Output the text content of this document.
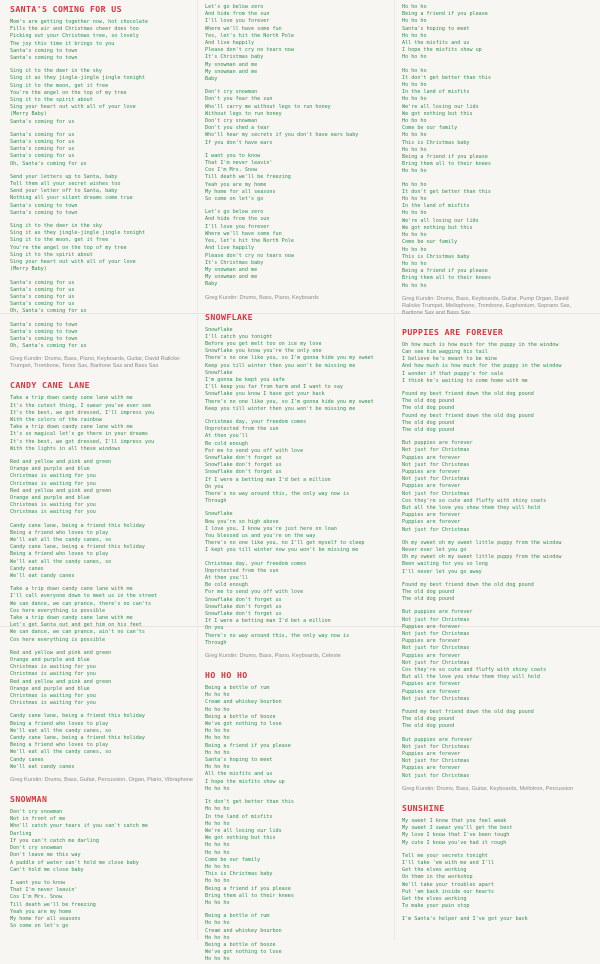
SANTA'S COMING FOR US
Mom's are getting together now, hot chocolate
Fills the air and Christmas cheer does too
Picking out your Christmas tree, so lovely
The joy this time it brings to you
Santa's coming to town
Santa's coming to town
Sing it to the deer in the sky
Sing it as they jingle-jingle jingle tonight
Sing it to the moon, get it free
You're the angel on the top of my tree
Sing it to the spirit about
Sing your heart out with all of your love
(Merry Baby)
Santa's coming for us
Santa's coming for us
Santa's coming for us
Santa's coming for us
Santa's coming for us
Oh, Santa's coming for us
Send your letters up to Santa, baby
Tell them all your secret wishes too
Send your letter off to Santa, baby
Nothing all your silent dreams come true
Santa's coming to town
Santa's coming to town
Sing it to the deer in the sky
Sing it as they jingle-jingle jingle tonight
Sing it to the moon, get it free
You're the angel on the top of my tree
Sing it to the spirit about
Sing your heart out with all of your love
(Merry Baby)
Santa's coming for us
Santa's coming for us
Santa's coming for us
Santa's coming for us
Oh, Santa's coming for us
Santa's coming to town
Santa's coming to town
Santa's coming to town
Oh, Santa's coming for us
Greg Kurstin: Drums, Bass, Piano, Keyboards, Guitar, David Ralicke: Trumpet, Trombone, Tenor Sax, Baritone Sax and Bass Sax
CANDY CANE LANE
Take a trip down candy cane lane with me
It's the cutest thing, I swear you've ever see
It's the best, we got dressed, I'll impress you
With the colors of the rainbow
Take a trip down candy cane lane with me
It's so magical let's go there in your dreams
It's the best, we got dressed, I'll impress you
With the lights in all these windows
Red and yellow and pink and green
Orange and purple and blue
Christmas is waiting for you
Christmas is waiting for you
Red and yellow and pink and green
Orange and purple and blue
Christmas is waiting for you
Christmas is waiting for you
Candy cane lane, being a friend this holiday
Being a friend who loves to play
We'll eat all the candy canes, so
Candy cane lane, being a friend this holiday
Being a friend who loves to play
We'll eat all the candy canes, so
Candy canes
We'll eat candy canes
Take a trip down candy cane lane with me
I'll call everyone down to meet us in the street
We can dance, we can prance, there's no can'ts
Cos here everything is possible
Take a trip down candy cane lane with me
Let's get Santa out and get him on his feet
We can dance, we can prance, ain't no can'ts
Cos here everything is possible
Red and yellow and pink and green
Orange and purple and blue
Christmas is waiting for you
Christmas is waiting for you
Red and yellow and pink and green
Orange and purple and blue
Christmas is waiting for you
Christmas is waiting for you
Candy cane lane, being a friend this holiday
Being a friend who loves to play
We'll eat all the candy canes, so
Candy cane lane, being a friend this holiday
Being a friend who loves to play
We'll eat all the candy canes, so
Candy canes
We'll eat candy canes
Greg Kurstin: Drums, Bass, Guitar, Percussion, Organ, Piano, Vibraphone
SNOWMAN
Don't cry snowman
Not in front of me
Who'll catch your tears if you can't catch me
Darling
If you can't catch me darling
Don't cry snowman
Don't leave me this way
A puddle of water can't hold me close baby
Can't hold me close baby
I want you to know
That I'm never leavin'
Cos I'm Mrs. Snow
Till death we'll be freezing
Yeah you are my home
My home for all seasons
So come on let's go
Let's go below zero
And hide from the sun
I'll love you forever
Where we'll have some fun
Yes, let's hit the North Pole
And live happily
Please don't cry no tears now
It's Christmas baby
My snowman and me
My snowman and me
Baby
Don't cry snowman
Don't you fear the sun
Who'll carry me without legs to run honey
Without legs to run honey
Don't cry snowman
Don't you shed a tear
Who'll hear my secrets if you don't have ears baby
If you don't have ears
I want you to know
That I'm never leavin'
Cos I'm Mrs. Snow
Till death we'll be freezing
Yeah you are my home
My home for all seasons
So come on let's go
Let's go below zero
And hide from the sun
I'll love you forever
Where we'll have some fun
Yes, let's hit the North Pole
And live happily
Please don't cry no tears now
It's Christmas baby
My snowman and me
My snowman and me
Baby
Greg Kurstin: Drums, Bass, Piano, Keyboards
SNOWFLAKE
Snowflake
I'll catch you tonight
Before you get melt too on ice my love
Snowflake you know you're the only one
There's no one like you, so I'm gonna hide you my sweet
Keep you till winter then you won't be missing me
Snowflake
I'm gonna be kept you safe
I'll keep you far from harm and I want to say
Snowflake you know I have got your back
There's no one like you, so I'm gonna hide you my sweet
Keep you till winter then you won't be missing me
Christmas day, your freedom comes
Unprotected from the sun
At then you'll
Be cold enough
For me to send you off with love
Snowflake don't forget us
Snowflake don't forget us
Snowflake don't forget us
If I were a betting man I'd bet a million
On you
There's no way around this, the only way now is
Through
Snowflake
Now you're so high above
I love you, I know you're just here on loan
You blessed us and you're on the way
There's no one like you, no I'll get myself to sleep
I kept you till winter now you won't be missing me
Christmas day, your freedom comes
Unprotected from the sun
At then you'll
Be cold enough
For me to send you off with love
Snowflake don't forget us
Snowflake don't forget us
Snowflake don't forget us
If I were a betting man I'd bet a million
On you
There's no way around this, the only way now is
Through
Greg Kurstin: Drums, Bass, Piano, Keyboards, Celeste
HO HO HO
Being a bottle of rum
Ho ho ho
Cream and whiskey bourbon
Ho ho ho
Being a bottle of booze
We've got nothing to lose
Ho ho ho
Ho ho ho
Being a friend if you please
Ho ho ho
Santa's hoping to meet
Ho ho ho
All the misfits and us
I hope the misfits show up
Ho ho ho
It don't get better than this
Ho ho ho
In the land of misfits
Ho ho ho
We're all losing our lids
We got nothing but this
Ho ho ho
Ho ho ho
Come be our family
Ho ho ho
This is Christmas baby
Ho ho ho
Being a friend if you please
Bring them all to their knees
Ho ho ho
Being a bottle of rum
Ho ho ho
Cream and whiskey bourbon
Ho ho ho
Being a bottle of booze
We've got nothing to lose
Ho ho ho
Ho ho ho
Being a friend if you please
Ho ho ho
Santa's hoping to meet
Ho ho ho
All the misfits and us
I hope the misfits show up
Ho ho ho
Ho ho ho
It don't get better than this
Ho ho ho
In the land of misfits
Ho ho ho
We're all losing our lids
We got nothing but this
Ho ho ho
Come be our family
Ho ho ho
This is Christmas baby
Ho ho ho
Being a friend if you please
Bring them all to their knees
Ho ho ho
Ho ho ho
It don't get better than this
Ho ho ho
In the land of misfits
Ho ho ho
We're all losing our lids
We got nothing but this
Ho ho ho
Come be our family
Ho ho ho
This is Christmas baby
Ho ho ho
Being a friend if you please
Bring them all to their knees
Ho ho ho
Greg Kurstin: Drums, Bass, Keyboards, Guitar, Pump Organ, David Ralicke Trumpet, Mellophone, Trombone, Euphonium, Soprano Sax, Baritone Sax and Bass Sax
PUPPIES ARE FOREVER
Oh how much is how much for the puppy in the window
Can see him wagging his tail
I believe he's meant to be mine
And how much is how much for the puppy in the window
I wonder if that puppy's for sale
I think he's waiting to come home with me
Found my best friend down the old dog pound
The old dog pound
The old dog pound
Found my best friend down the old dog pound
The old dog pound
The old dog pound
But puppies are forever
Not just for Christmas
Puppies are forever
Not just for Christmas
Puppies are forever
Not just for Christmas
Puppies are forever
Not just for Christmas
Cos they're so cute and fluffy with shiny coats
But all the love you show them they will hold
Puppies are forever
Puppies are forever
Not just for Christmas
Oh my sweet oh my sweet little puppy from the window
Never ever let you go
Oh my sweet oh my sweet little puppy from the window
Been waiting for you so long
I'll never let you go away
Found my best friend down the old dog pound
The old dog pound
The old dog pound
But puppies are forever
Not just for Christmas
Puppies are forever
Not just for Christmas
Puppies are forever
Not just for Christmas
Puppies are forever
Not just for Christmas
Cos they're so cute and fluffy with shiny coats
But all the love you show them they will hold
Puppies are forever
Puppies are forever
Not just for Christmas
Found my best friend down the old dog pound
The old dog pound
The old dog pound
But puppies are forever
Not just for Christmas
Puppies are forever
Not just for Christmas
Puppies are forever
Not just for Christmas
Greg Kurstin: Drums, Bass, Guitar, Keyboards, Mellotron, Percussion
SUNSHINE
My sweet I know that you feel weak
My sweet I swear you'll get the best
My love I know that I've been tough
My cute I know you've had it rough
Tell me your secrets tonight
I'll take 'em with me and I'll
Get the elves working
On them in the workshop
We'll take your troubles apart
Put 'em back inside our hearts
Get the elves working
To make your pain stop
I'm Santa's helper and I've got your back
